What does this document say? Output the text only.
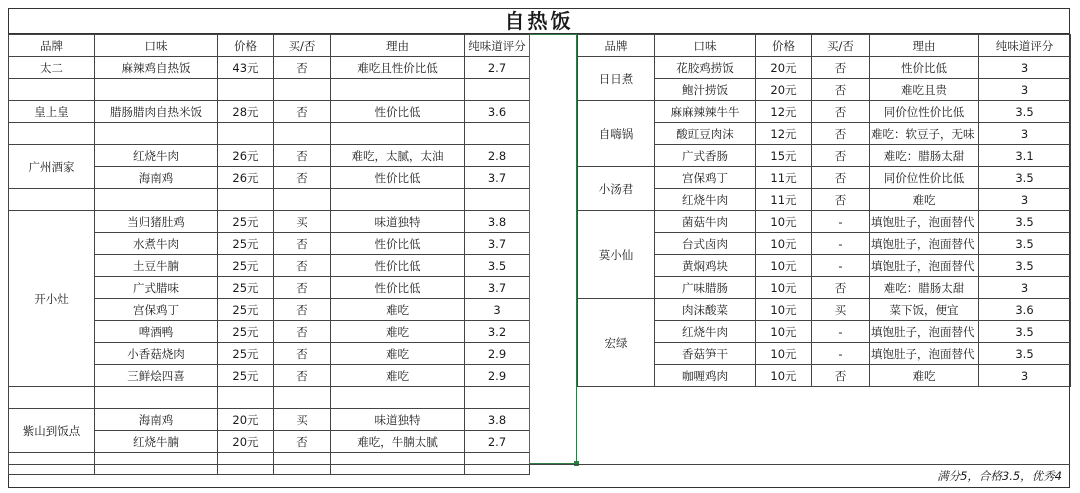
自热饭
品牌	口味	价格	买/否	理由	纯味道评分
太二	麻辣鸡自热饭	43元	否	难吃且性价比低	2.7

皇上皇	腊肠腊肉自热米饭	28元	否	性价比低	3.6

广州酒家	红烧牛肉	26元	否	难吃，太腻，太油	2.8
	海南鸡	26元	否	性价比低	3.7

开小灶	当归猪肚鸡	25元	买	味道独特	3.8
	水煮牛肉	25元	否	性价比低	3.7
	土豆牛腩	25元	否	性价比低	3.5
	广式腊味	25元	否	性价比低	3.7
	宫保鸡丁	25元	否	难吃	3
	啤酒鸭	25元	否	难吃	3.2
	小香菇烧肉	25元	否	难吃	2.9
	三鲜烩四喜	25元	否	难吃	2.9

紫山到饭点	海南鸡	20元	买	味道独特	3.8
	红烧牛腩	20元	否	难吃，牛腩太腻	2.7

品牌	口味	价格	买/否	理由	纯味道评分
日日煮	花胶鸡捞饭	20元	否	性价比低	3
	鲍汁捞饭	20元	否	难吃且贵	3
自嗨锅	麻麻辣辣牛牛	12元	否	同价位性价比低	3.5
	酸豇豆肉沫	12元	否	难吃：软豆子，无味	3
	广式香肠	15元	否	难吃：腊肠太甜	3.1
小汤君	宫保鸡丁	11元	否	同价位性价比低	3.5
	红烧牛肉	11元	否	难吃	3
莫小仙	菌菇牛肉	10元	-	填饱肚子，泡面替代	3.5
	台式卤肉	10元	-	填饱肚子，泡面替代	3.5
	黄焖鸡块	10元	-	填饱肚子，泡面替代	3.5
	广味腊肠	10元	否	难吃：腊肠太甜	3
宏绿	肉沫酸菜	10元	买	菜下饭，便宜	3.6
	红烧牛肉	10元	-	填饱肚子，泡面替代	3.5
	香菇笋干	10元	-	填饱肚子，泡面替代	3.5
	咖喱鸡肉	10元	否	难吃	3
满分5，合格3.5，优秀4
